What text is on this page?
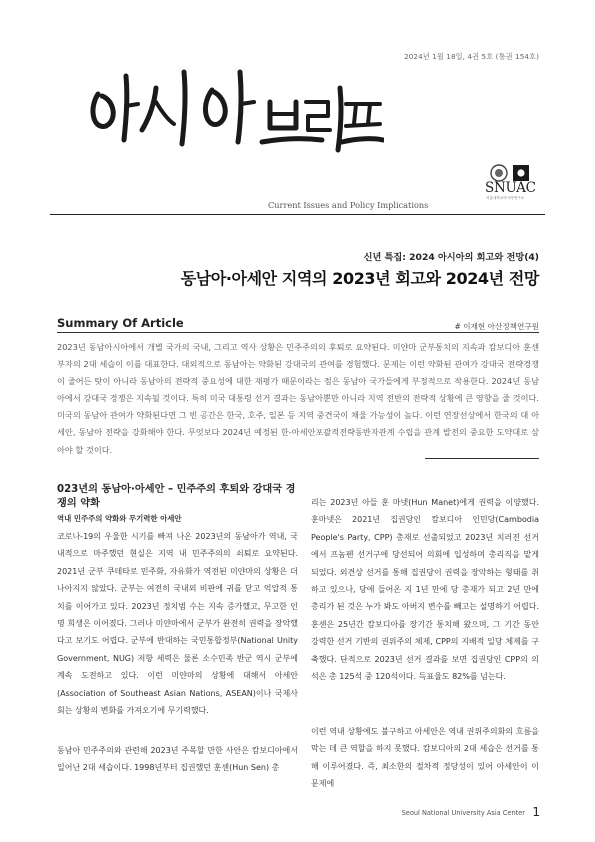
2024년 1월 18일, 4권 5호 (통권 154호)
Current Issues and Policy Implications
SNUAC
서울대학교아시아연구소
신년 특집: 2024 아시아의 회고와 전망(4)
동남아·아세안 지역의 2023년 회고와 2024년 전망
Summary Of Article	# 이재현 아산정책연구원
2023년 동남아시아에서 개별 국가의 국내, 그리고 역사 상황은 민주주의의 후퇴로 요약된다. 미얀마 군부통치의 지속과 캄보디아 훈센 부자의 2대 세습이 이를 대표한다. 대외적으로 동남아는 약화된 강대국의 관여를 경험했다. 문제는 이런 약화된 관여가 강대국 전략경쟁이 줄어든 탓이 아니라 동남아의 전략적 중요성에 대한 재평가 때문이라는 점은 동남아 국가들에게 부정적으로 작용한다. 2024년 동남아에서 강대국 경쟁은 지속될 것이다. 특히 미국 대통령 선거 결과는 동남아뿐만 아니라 지역 전반의 전략적 상황에 큰 영향을 줄 것이다. 미국의 동남아 관여가 약화된다면 그 빈 공간은 한국, 호주, 일본 등 지역 중견국이 채울 가능성이 높다. 이런 연장선상에서 한국의 대 아세안, 동남아 전략을 강화해야 한다. 무엇보다 2024년 예정된 한-아세안포괄적전략동반자관계 수립을 관계 발전의 중요한 도약대로 삼아야 할 것이다.
023년의 동남아·아세안 – 민주주의 후퇴와 강대국 경쟁의 약화
역내 민주주의 약화와 무기력한 아세안

코로나-19의 우울한 시기를 빠져 나온 2023년의 동남아가 역내, 국내적으로 마주했던 현실은 지역 내 민주주의의 쇠퇴로 요약된다. 2021년 군부 쿠데타로 민주화, 자유화가 역전된 미얀마의 상황은 더 나아지지 않았다. 군부는 여전히 국내외 비판에 귀를 닫고 억압적 통치를 이어가고 있다. 2023년 정치범 수는 지속 증가했고, 무고한 인명 희생은 이어졌다. 그러나 미얀마에서 군부가 완전히 권력을 장악했다고 보기도 어렵다. 군부에 반대하는 국민통합정부(National Unity Government, NUG) 저항 세력은 물론 소수민족 반군 역시 군부에 계속 도전하고 있다. 이런 미얀마의 상황에 대해서 아세안(Association of Southeast Asian Nations, ASEAN)이나 국제사회는 상황의 변화를 가져오기에 무기력했다.

동남아 민주주의와 관련해 2023년 주목할 만한 사안은 캄보디아에서 일어난 2대 세습이다. 1998년부터 집권했던 훈센(Hun Sen) 총

리는 2023년 아들 훈 마넷(Hun Manet)에게 권력을 이양했다. 훈마넷은 2021년 집권당인 캄보디아 인민당(Cambodia People's Party, CPP) 총재로 선출되었고 2023년 치러진 선거에서 프놈펜 선거구에 당선되어 의회에 입성하며 총리직을 맡게 되었다. 외견상 선거를 통해 집권당이 권력을 장악하는 형태를 취하고 있으나, 당에 들어온 지 1년 만에 당 총재가 되고 2년 만에 총리가 된 것은 누가 봐도 아버지 변수를 빼고는 설명하기 어렵다. 훈센은 25년간 캄보디아를 장기간 통치해 왔으며, 그 기간 동안 강력한 선거 기반의 권위주의 체제, CPP의 지배적 일당 체제를 구축했다. 단적으로 2023년 선거 결과를 보면 집권당인 CPP의 의석은 총 125석 중 120석이다. 득표율도 82%를 넘는다.

이런 역내 상황에도 불구하고 아세안은 역내 권위주의화의 흐름을 막는 데 큰 역할을 하지 못했다. 캄보디아의 2대 세습은 선거를 통해 이루어졌다. 즉, 최소한의 절차적 정당성이 있어 아세안이 이 문제에

Seoul National University Asia Center 1
